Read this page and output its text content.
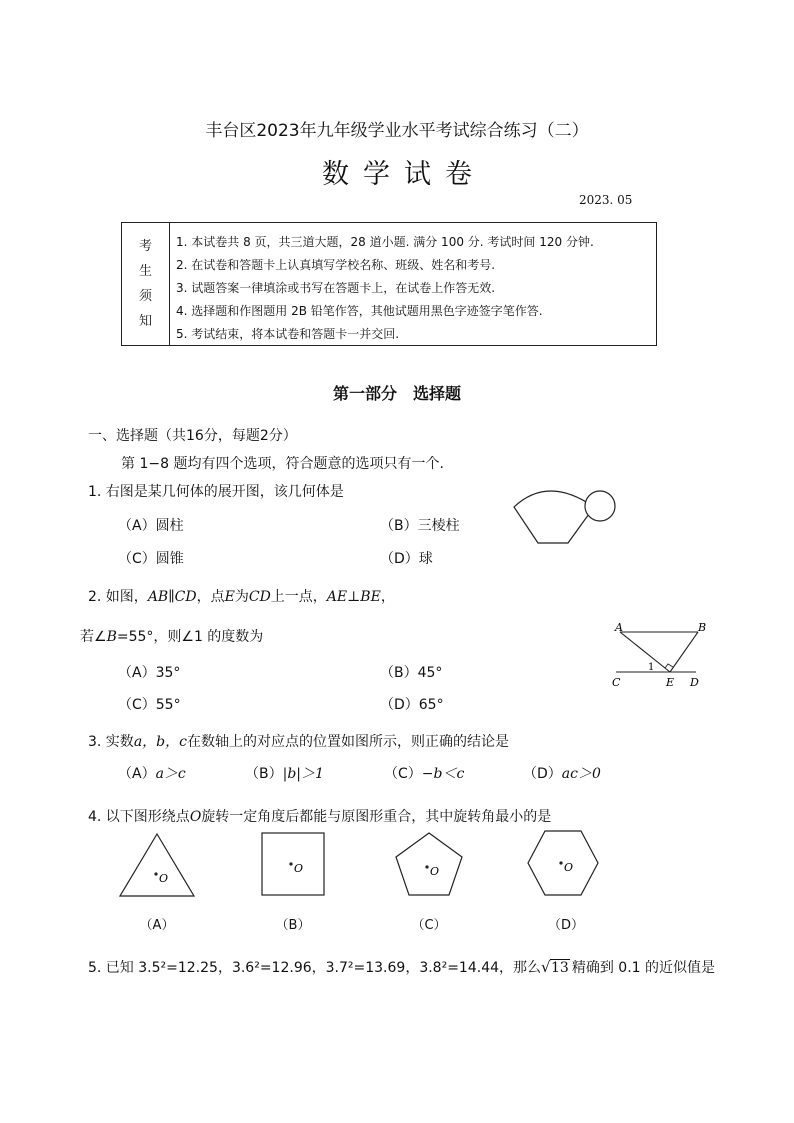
丰台区2023年九年级学业水平考试综合练习（二）
数学试卷
2023. 05
考
生
须
知
1. 本试卷共 8 页，共三道大题，28 道小题. 满分 100 分. 考试时间 120 分钟.
2. 在试卷和答题卡上认真填写学校名称、班级、姓名和考号.
3. 试题答案一律填涂或书写在答题卡上，在试卷上作答无效.
4. 选择题和作图题用 2B 铅笔作答，其他试题用黑色字迹签字笔作答.
5. 考试结束，将本试卷和答题卡一并交回.
第一部分　选择题
一、选择题（共16分，每题2分）
第 1−8 题均有四个选项，符合题意的选项只有一个.
1. 右图是某几何体的展开图，该几何体是
（A）圆柱	（B）三棱柱
（C）圆锥	（D）球
2. 如图，AB∥CD，点E为CD上一点，AE⊥BE，
若∠B=55°，则∠1 的度数为
（A）35°	（B）45°
（C）55°	（D）65°
A	B
C	D
E
1
3. 实数a，b，c在数轴上的对应点的位置如图所示，则正确的结论是
（A）a＞c	（B）|b|＞1	（C）−b＜c	（D）ac＞0
4. 以下图形绕点O旋转一定角度后都能与原图形重合，其中旋转角最小的是
O
O	O	O
（A）	（B）	（C）	（D）
5. 已知 3.5²=12.25，3.6²=12.96，3.7²=13.69，3.8²=14.44，那么 √ 13 精确到 0.1 的近似值是
